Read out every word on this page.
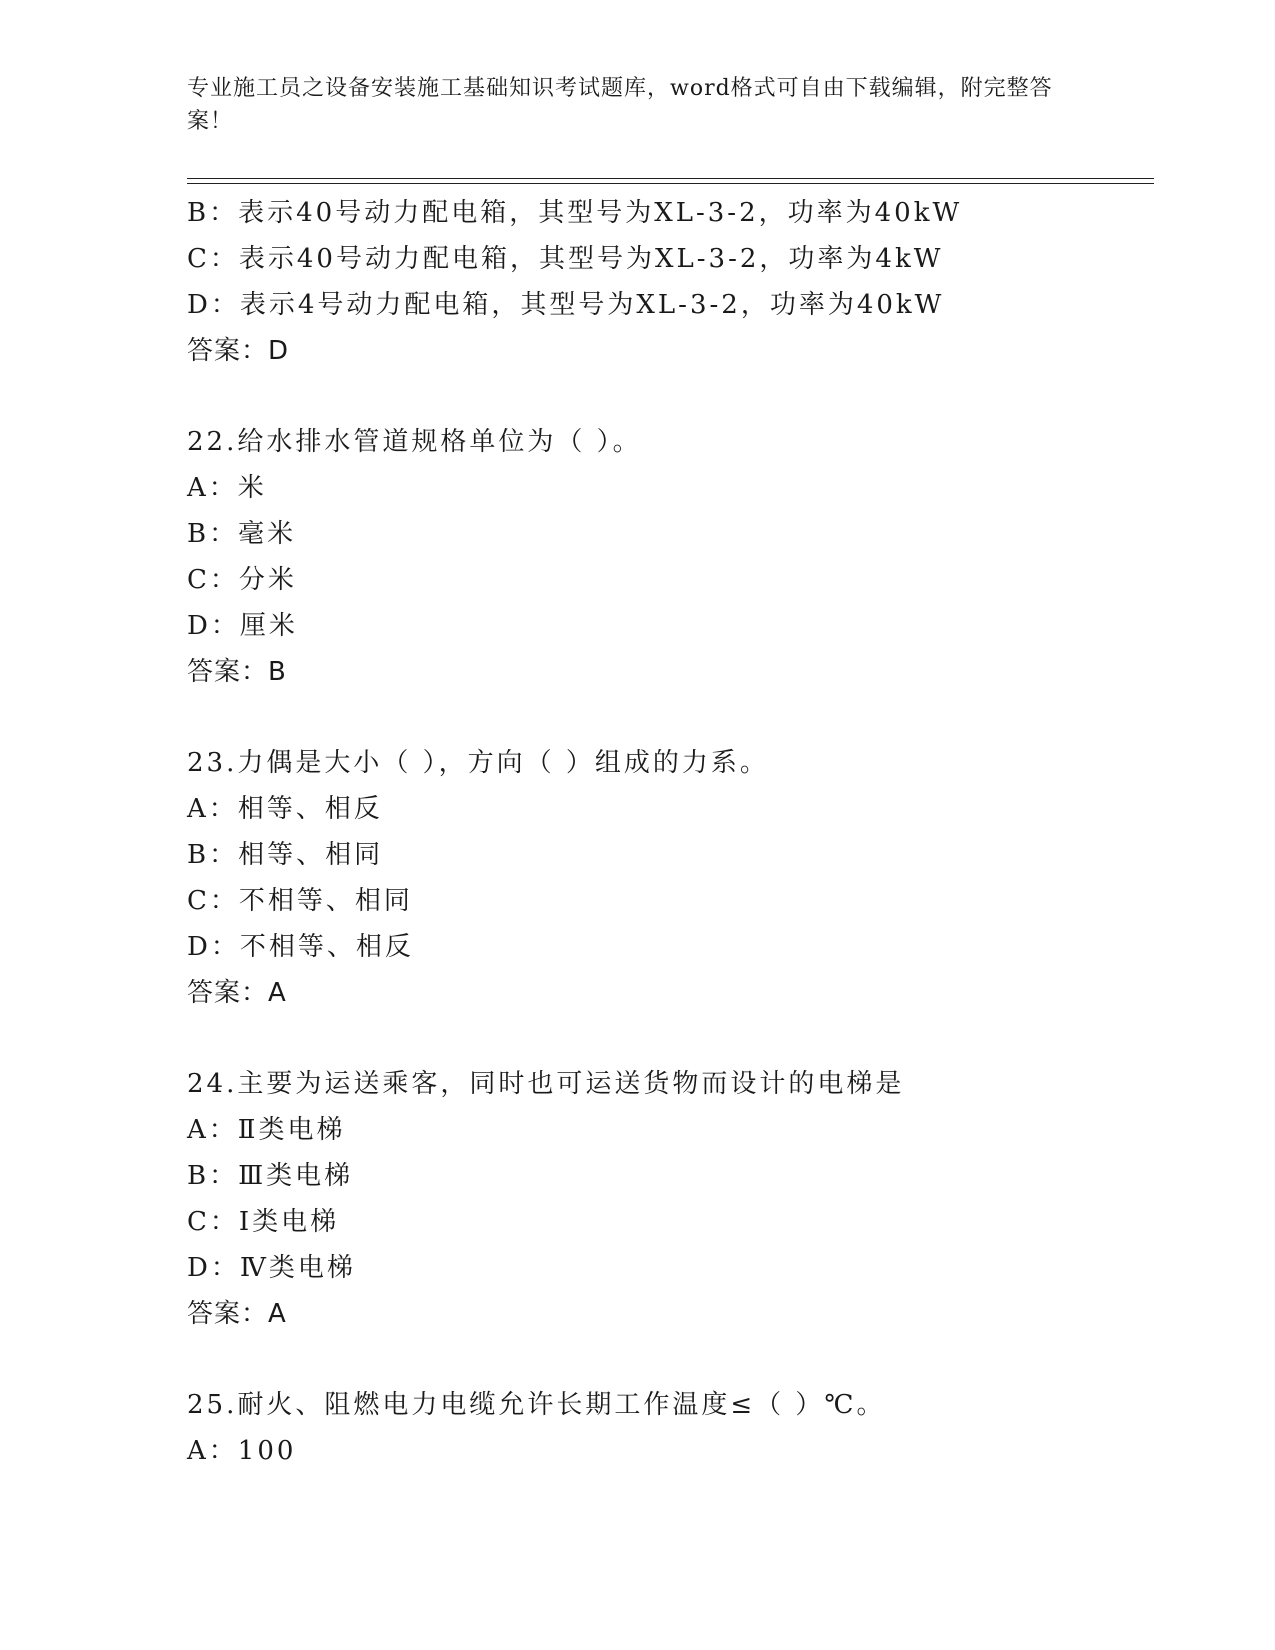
专业施工员之设备安装施工基础知识考试题库，word格式可自由下载编辑，附完整答案！
B：表示40号动力配电箱，其型号为XL-3-2，功率为40kW
C：表示40号动力配电箱，其型号为XL-3-2，功率为4kW
D：表示4号动力配电箱，其型号为XL-3-2，功率为40kW
答案：D
22.给水排水管道规格单位为（ ）。
A：米
B：毫米
C：分米
D：厘米
答案：B
23.力偶是大小（ ），方向（ ）组成的力系。
A：相等、相反
B：相等、相同
C：不相等、相同
D：不相等、相反
答案：A
24.主要为运送乘客，同时也可运送货物而设计的电梯是
A：Ⅱ类电梯
B：Ⅲ类电梯
C：Ⅰ类电梯
D：Ⅳ类电梯
答案：A
25.耐火、阻燃电力电缆允许长期工作温度≤（ ）℃。
A：100
